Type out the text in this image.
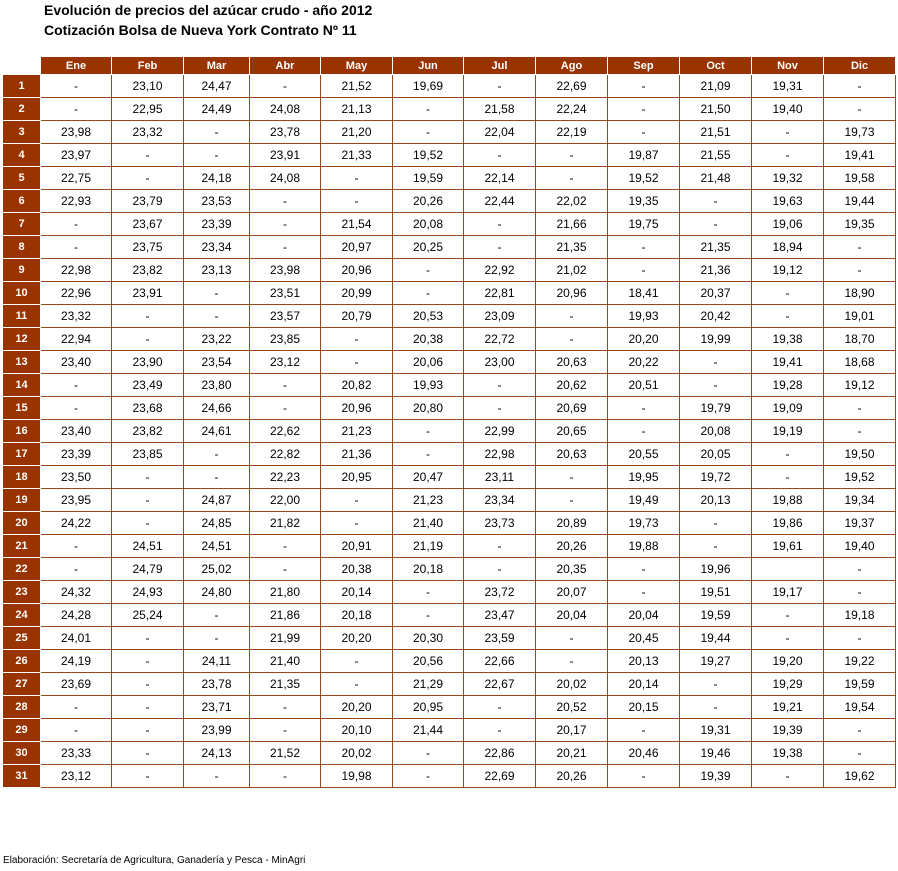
Evolución de precios del azúcar crudo - año 2012
Cotización Bolsa de Nueva York Contrato Nº 11
	Ene	Feb	Mar	Abr	May	Jun	Jul	Ago	Sep	Oct	Nov	Dic
1	-	23,10	24,47	-	21,52	19,69	-	22,69	-	21,09	19,31	-
2	-	22,95	24,49	24,08	21,13	-	21,58	22,24	-	21,50	19,40	-
3	23,98	23,32	-	23,78	21,20	-	22,04	22,19	-	21,51	-	19,73
4	23,97	-	-	23,91	21,33	19,52	-	-	19,87	21,55	-	19,41
5	22,75	-	24,18	24,08	-	19,59	22,14	-	19,52	21,48	19,32	19,58
6	22,93	23,79	23,53	-	-	20,26	22,44	22,02	19,35	-	19,63	19,44
7	-	23,67	23,39	-	21,54	20,08	-	21,66	19,75	-	19,06	19,35
8	-	23,75	23,34	-	20,97	20,25	-	21,35	-	21,35	18,94	-
9	22,98	23,82	23,13	23,98	20,96	-	22,92	21,02	-	21,36	19,12	-
10	22,96	23,91	-	23,51	20,99	-	22,81	20,96	18,41	20,37	-	18,90
11	23,32	-	-	23,57	20,79	20,53	23,09	-	19,93	20,42	-	19,01
12	22,94	-	23,22	23,85	-	20,38	22,72	-	20,20	19,99	19,38	18,70
13	23,40	23,90	23,54	23,12	-	20,06	23,00	20,63	20,22	-	19,41	18,68
14	-	23,49	23,80	-	20,82	19,93	-	20,62	20,51	-	19,28	19,12
15	-	23,68	24,66	-	20,96	20,80	-	20,69	-	19,79	19,09	-
16	23,40	23,82	24,61	22,62	21,23	-	22,99	20,65	-	20,08	19,19	-
17	23,39	23,85	-	22,82	21,36	-	22,98	20,63	20,55	20,05	-	19,50
18	23,50	-	-	22,23	20,95	20,47	23,11	-	19,95	19,72	-	19,52
19	23,95	-	24,87	22,00	-	21,23	23,34	-	19,49	20,13	19,88	19,34
20	24,22	-	24,85	21,82	-	21,40	23,73	20,89	19,73	-	19,86	19,37
21	-	24,51	24,51	-	20,91	21,19	-	20,26	19,88	-	19,61	19,40
22	-	24,79	25,02	-	20,38	20,18	-	20,35	-	19,96		-
23	24,32	24,93	24,80	21,80	20,14	-	23,72	20,07	-	19,51	19,17	-
24	24,28	25,24	-	21,86	20,18	-	23,47	20,04	20,04	19,59	-	19,18
25	24,01	-	-	21,99	20,20	20,30	23,59	-	20,45	19,44	-	-
26	24,19	-	24,11	21,40	-	20,56	22,66	-	20,13	19,27	19,20	19,22
27	23,69	-	23,78	21,35	-	21,29	22,67	20,02	20,14	-	19,29	19,59
28	-	-	23,71	-	20,20	20,95	-	20,52	20,15	-	19,21	19,54
29	-	-	23,99	-	20,10	21,44	-	20,17	-	19,31	19,39	-
30	23,33	-	24,13	21,52	20,02	-	22,86	20,21	20,46	19,46	19,38	-
31	23,12	-	-	-	19,98	-	22,69	20,26	-	19,39	-	19,62
Elaboración: Secretaría de Agricultura, Ganadería y Pesca - MinAgri
